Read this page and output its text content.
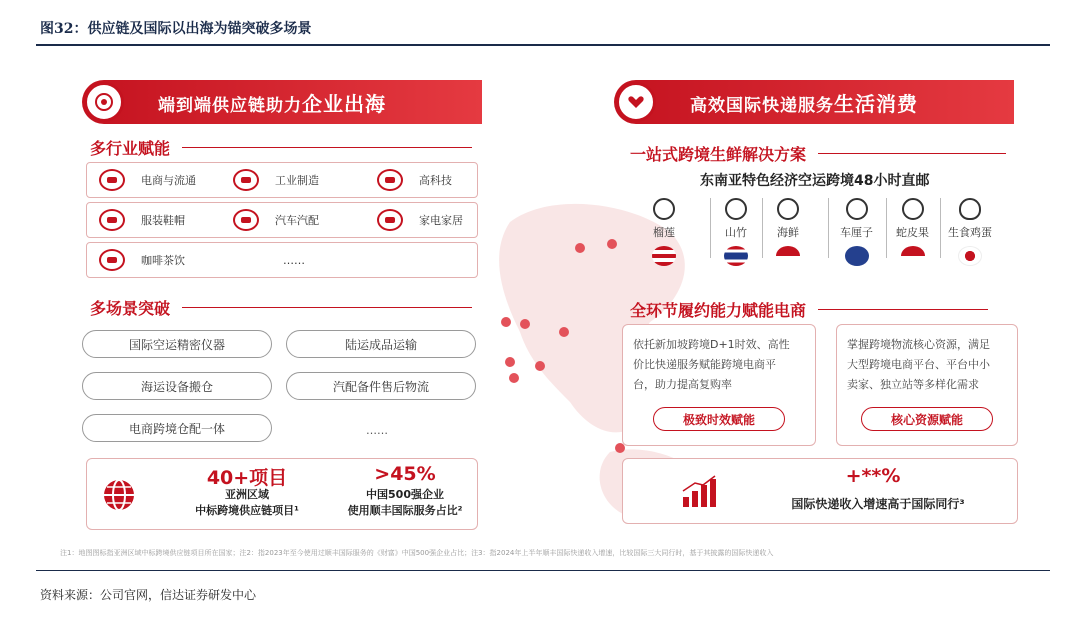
图32：供应链及国际以出海为锚突破多场景
端到端供应链助力企业出海
多行业赋能
电商与流通	工业制造	高科技
服装鞋帽	汽车汽配	家电家居
咖啡茶饮	……
多场景突破
国际空运精密仪器	陆运成品运输
海运设备搬仓	汽配备件售后物流
电商跨境仓配一体	……
40+项目
亚洲区域
中标跨境供应链项目¹
>45%
中国500强企业
使用顺丰国际服务占比²
高效国际快递服务生活消费
一站式跨境生鲜解决方案
东南亚特色经济空运跨境48小时直邮
榴莲	山竹	海鲜	车厘子 蛇皮果 生食鸡蛋
全环节履约能力赋能电商
依托新加坡跨境D+1时效、高性
价比快递服务赋能跨境电商平
台，助力提高复购率
极致时效赋能
掌握跨境物流核心资源，满足
大型跨境电商平台、平台中小
卖家、独立站等多样化需求
核心资源赋能
+**%
国际快递收入增速高于国际同行³
注1：地图图标指亚洲区域中标跨境供应链项目所在国家；注2：指2023年至今使用过顺丰国际服务的《财富》中国500强企业占比；注3：指2024年上半年顺丰国际快递收入增速，比较国际三大同行时，基于其披露的国际快递收入
资料来源：公司官网，信达证券研发中心
